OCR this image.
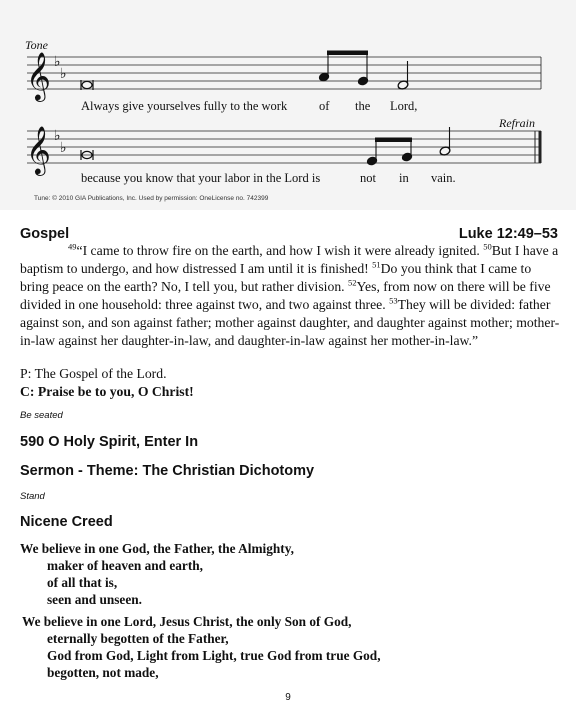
Tone
Refrain
𝄞 ♭
♭
𝄞 ♭
♭
Always give yourselves fully to the work	of the Lord,
because you know that your labor in the Lord is	not in vain.
Tune: © 2010 GIA Publications, Inc. Used by permission: OneLicense no. 742399
Gospel	Luke 12:49–53
$^{49}$“I came to throw fire on the earth, and how I wish it were already ignited. $^{50}$But I have a baptism to undergo, and how distressed I am until it is finished! $^{51}$Do you think that I came to bring peace on the earth? No, I tell you, but rather division. $^{52}$Yes, from now on there will be five divided in one household: three against two, and two against three. $^{53}$They will be divided: father against son, and son against father; mother against daughter, and daughter against mother; mother-in-law against her daughter-in-law, and daughter-in-law against her mother-in-law.”
P: The Gospel of the Lord.
C: Praise be to you, O Christ!
Be seated
590 O Holy Spirit, Enter In
Sermon - Theme: The Christian Dichotomy
Stand
Nicene Creed
We believe in one God, the Father, the Almighty,
maker of heaven and earth,
of all that is,
seen and unseen.
We believe in one Lord, Jesus Christ, the only Son of God,
eternally begotten of the Father,
God from God, Light from Light, true God from true God,
begotten, not made,
9
